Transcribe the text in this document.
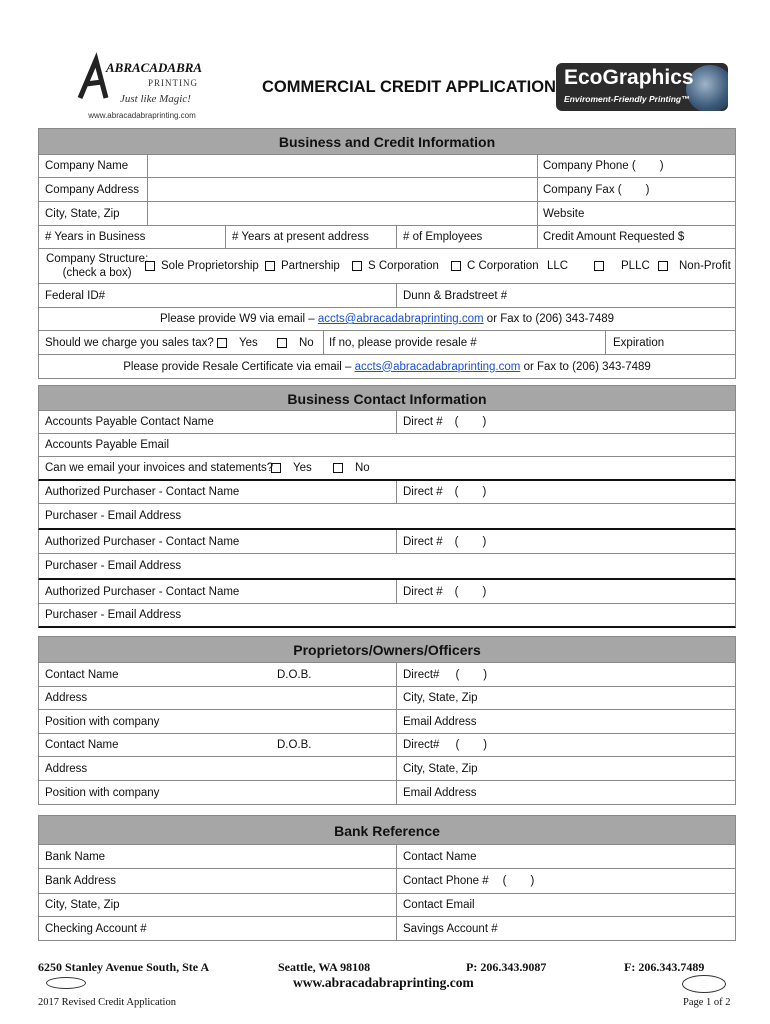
ABRACADABRA
PRINTING
Just like Magic!
www.abracadabraprinting.com
COMMERCIAL CREDIT APPLICATION EcoGraphics
Enviroment-Friendly Printing™
Business and Credit Information
Company Name	Company Phone ( )
Company Address	Company Fax ( )
City, State, Zip	Website
# Years in Business	# Years at present address	# of Employees	Credit Amount Requested $
Company Structure:
(check a box)
Sole Proprietorship Partnership S Corporation C Corporation LLC	PLLC	Non-Profit
Federal ID#	Dunn & Bradstreet #
Please provide W9 via email –
accts@abracadabraprinting.com
or Fax to (206) 343-7489
Should we charge you sales tax? Yes	No	If no, please provide resale #	Expiration
Please provide Resale Certificate via email –
accts@abracadabraprinting.com
or Fax to (206) 343-7489
Business Contact Information
Accounts Payable Contact Name	Direct # ( )
Accounts Payable Email
Can we email your invoices and statements? Yes	No
Authorized Purchaser - Contact Name	Direct # ( )
Purchaser - Email Address
Authorized Purchaser - Contact Name	Direct # ( )
Purchaser - Email Address
Authorized Purchaser - Contact Name	Direct # ( )
Purchaser - Email Address
Proprietors/Owners/Officers
Contact Name	D.O.B.	Direct# ( )
Address	City, State, Zip
Position with company	Email Address
Contact Name	D.O.B.	Direct# ( )
Address	City, State, Zip
Position with company	Email Address
Bank Reference
Bank Name	Contact Name
Bank Address	Contact Phone # ( )
City, State, Zip	Contact Email
Checking Account #	Savings Account #
6250 Stanley Avenue South, Ste A	Seattle, WA 98108	P: 206.343.9087	F: 206.343.7489
www.abracadabraprinting.com
2017 Revised Credit Application	Page 1 of 2
